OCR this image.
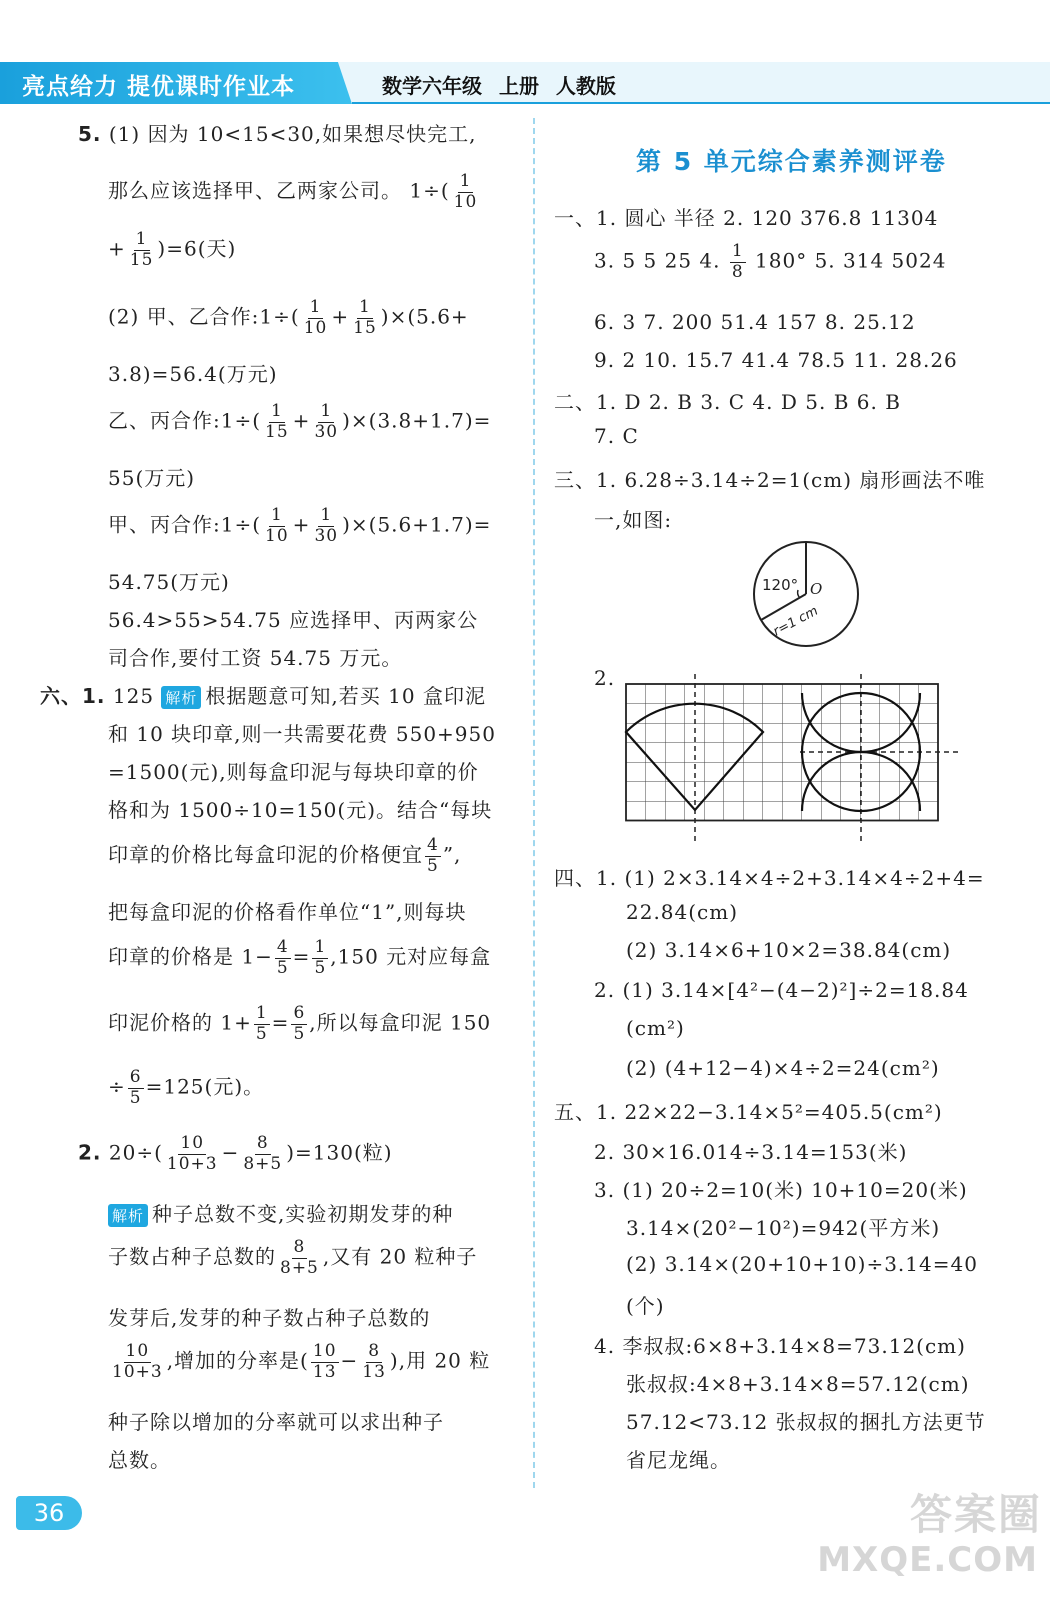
亮点给力 提优课时作业本	数学六年级 上册 人教版
5. (1) 因为 10<15<30,如果想尽快完工,
那么应该选择甲、乙两家公司。 $1\div( \frac{1}{10}$
+ $\frac{1}{15} )=6$(天)
(2) 甲、乙合作:1÷( $\frac{1}{10} + \frac{1}{15} )\times(5.6+$
3.8)=56.4(万元)
乙、丙合作:1÷( $\frac{1}{15} + \frac{1}{30} )\times(3.8+1.7)=$
55(万元)
甲、丙合作:1÷( $\frac{1}{10} + \frac{1}{30} )\times(5.6+1.7)=$
54.75(万元)
56.4>55>54.75 应选择甲、丙两家公
司合作,要付工资 54.75 万元。
六、1. 125 解析 根据题意可知,若买 10 盒印泥
和 10 块印章,则一共需要花费 550+950
=1500(元),则每盒印泥与每块印章的价
格和为 1500÷10=150(元)。结合“每块
印章的价格比每盒印泥的价格便宜 $\frac{4}{5}$ ”,
把每盒印泥的价格看作单位“1”,则每块
印章的价格是 $1- \frac{4}{5} = \frac{1}{5} ,150$ 元对应每盒
印泥价格的 $1+ \frac{1}{5} = \frac{6}{5}$ ,所以每盒印泥 150
÷ $\frac{6}{5} =125$(元)。
2. $20\div( \frac{10}{10+3} - \frac{8}{8+5} )=130$(粒)
解析 种子总数不变,实验初期发芽的种
子数占种子总数的 $\frac{8}{8+5}$ ,又有 20 粒种子
发芽后,发芽的种子数占种子总数的
$\frac{10}{10+3}$ ,增加的分率是( $\frac{10}{13} - \frac{8}{13}$ ),用 20 粒
种子除以增加的分率就可以求出种子
总数。
第 5 单元综合素养测评卷
一、1. 圆心 半径 2. 120 376.8 11304
3. 5 5 25 4. $\frac{1}{8} 180^\circ$ 5. 314 5024
6. 3 7. 200 51.4 157 8. 25.12
9. 2 10. 15.7 41.4 78.5 11. 28.26
二、1. D 2. B 3. C 4. D 5. B 6. B
7. C
三、1. 6.28÷3.14÷2=1(cm) 扇形画法不唯
一,如图:
120° O
r=1 cm
2.
四、1. (1) 2×3.14×4÷2+3.14×4÷2+4=
22.84(cm)
(2) 3.14×6+10×2=38.84(cm)
2. (1) 3.14×[4²−(4−2)²]÷2=18.84
(cm²)
(2) (4+12−4)×4÷2=24(cm²)
五、1. 22×22−3.14×5²=405.5(cm²)
2. 30×16.014÷3.14=153(米)
3. (1) 20÷2=10(米) 10+10=20(米)
3.14×(20²−10²)=942(平方米)
(2) 3.14×(20+10+10)÷3.14=40
(个)
4. 李叔叔:6×8+3.14×8=73.12(cm)
张叔叔:4×8+3.14×8=57.12(cm)
57.12<73.12 张叔叔的捆扎方法更节
省尼龙绳。
36	答案圈
MXQE.COM
